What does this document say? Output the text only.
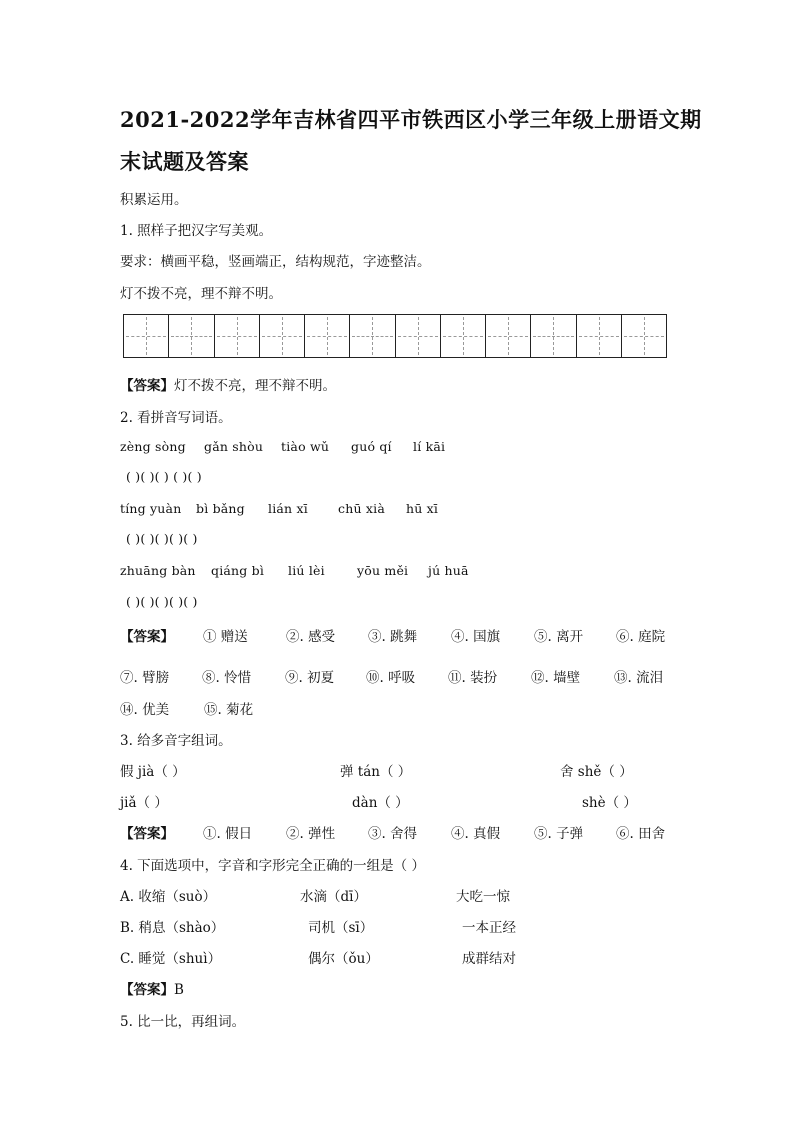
2021-2022学年吉林省四平市铁西区小学三年级上册语文期
末试题及答案
积累运用。
1. 照样子把汉字写美观。
要求：横画平稳，竖画端正，结构规范，字迹整洁。
灯不拨不亮，理不辩不明。
【答案】灯不拨不亮，理不辩不明。
2. 看拼音写词语。
zèng sòng gǎn shòu tiào wǔ guó qí lí kāi
( )( )( ) ( )( )
tíng yuàn bì bǎng lián xī chū xià hū xī
( )( )( )( )( )
zhuāng bàn qiáng bì liú lèi	yōu měi jú huā
( )( )( )( )( )
【答案】 ① 赠送	②. 感受 ③. 跳舞	④. 国旗	⑤. 离开 ⑥. 庭院
⑦. 臂膀 ⑧. 怜惜	⑨. 初夏 ⑩. 呼吸 ⑪. 装扮	⑫. 墙壁	⑬. 流泪
⑭. 优美	⑮. 菊花
3. 给多音字组词。
假 jià（ ）	弹 tán（ ）	舍 shě（ ）
jiǎ（ ）	dàn（ ）	shè（ ）
【答案】 ①. 假日	②. 弹性 ③. 舍得	④. 真假	⑤. 子弹 ⑥. 田舍
4. 下面选项中，字音和字形完全正确的一组是（ ）
A. 收缩（suò）	水滴（dī）	大吃一惊
B. 稍息（shào）	司机（sī）	一本正经
C. 睡觉（shuì）	偶尔（ǒu）	成群结对
【答案】B
5. 比一比，再组词。
